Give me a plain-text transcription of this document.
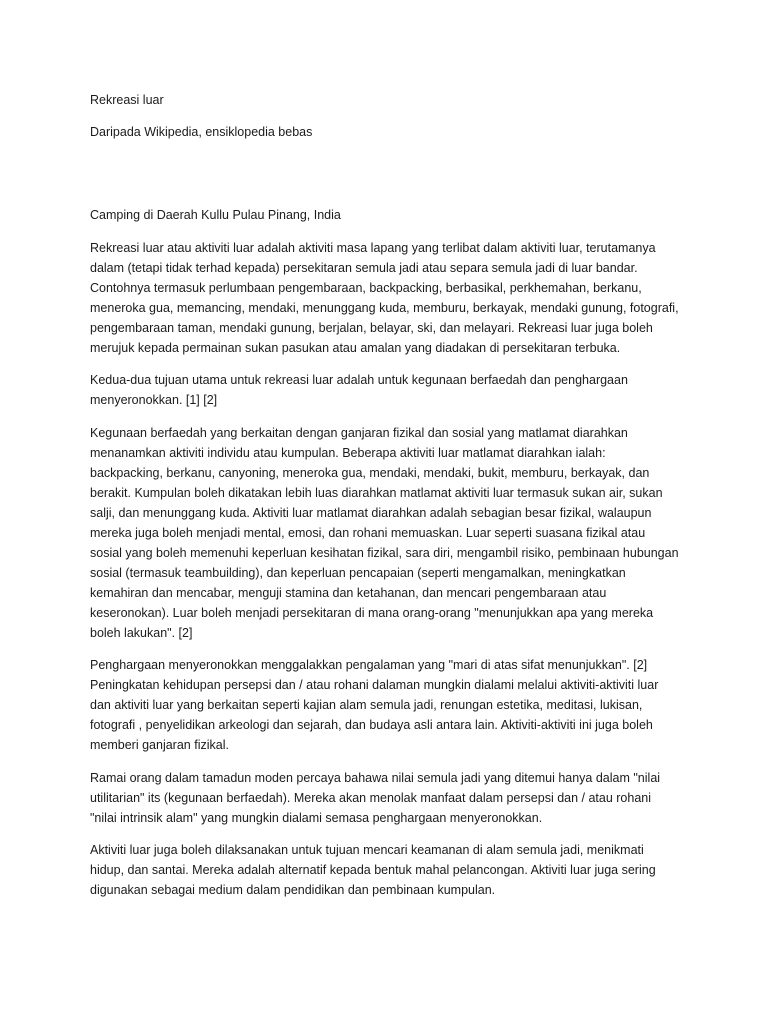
Rekreasi luar

Daripada Wikipedia, ensiklopedia bebas

Camping di Daerah Kullu Pulau Pinang, India

Rekreasi luar atau aktiviti luar adalah aktiviti masa lapang yang terlibat dalam aktiviti luar, terutamanya dalam (tetapi tidak terhad kepada) persekitaran semula jadi atau separa semula jadi di luar bandar. Contohnya termasuk perlumbaan pengembaraan, backpacking, berbasikal, perkhemahan, berkanu, meneroka gua, memancing, mendaki, menunggang kuda, memburu, berkayak, mendaki gunung, fotografi, pengembaraan taman, mendaki gunung, berjalan, belayar, ski, dan melayari. Rekreasi luar juga boleh merujuk kepada permainan sukan pasukan atau amalan yang diadakan di persekitaran terbuka.

Kedua-dua tujuan utama untuk rekreasi luar adalah untuk kegunaan berfaedah dan penghargaan menyeronokkan. [1] [2]

Kegunaan berfaedah yang berkaitan dengan ganjaran fizikal dan sosial yang matlamat diarahkan menanamkan aktiviti individu atau kumpulan. Beberapa aktiviti luar matlamat diarahkan ialah: backpacking, berkanu, canyoning, meneroka gua, mendaki, mendaki, bukit, memburu, berkayak, dan berakit. Kumpulan boleh dikatakan lebih luas diarahkan matlamat aktiviti luar termasuk sukan air, sukan salji, dan menunggang kuda. Aktiviti luar matlamat diarahkan adalah sebagian besar fizikal, walaupun mereka juga boleh menjadi mental, emosi, dan rohani memuaskan. Luar seperti suasana fizikal atau sosial yang boleh memenuhi keperluan kesihatan fizikal, sara diri, mengambil risiko, pembinaan hubungan sosial (termasuk teambuilding), dan keperluan pencapaian (seperti mengamalkan, meningkatkan kemahiran dan mencabar, menguji stamina dan ketahanan, dan mencari pengembaraan atau keseronokan). Luar boleh menjadi persekitaran di mana orang-orang "menunjukkan apa yang mereka boleh lakukan". [2]

Penghargaan menyeronokkan menggalakkan pengalaman yang "mari di atas sifat menunjukkan". [2] Peningkatan kehidupan persepsi dan / atau rohani dalaman mungkin dialami melalui aktiviti-aktiviti luar dan aktiviti luar yang berkaitan seperti kajian alam semula jadi, renungan estetika, meditasi, lukisan, fotografi , penyelidikan arkeologi dan sejarah, dan budaya asli antara lain. Aktiviti-aktiviti ini juga boleh memberi ganjaran fizikal.

Ramai orang dalam tamadun moden percaya bahawa nilai semula jadi yang ditemui hanya dalam "nilai utilitarian" its (kegunaan berfaedah). Mereka akan menolak manfaat dalam persepsi dan / atau rohani "nilai intrinsik alam" yang mungkin dialami semasa penghargaan menyeronokkan.

Aktiviti luar juga boleh dilaksanakan untuk tujuan mencari keamanan di alam semula jadi, menikmati hidup, dan santai. Mereka adalah alternatif kepada bentuk mahal pelancongan. Aktiviti luar juga sering digunakan sebagai medium dalam pendidikan dan pembinaan kumpulan.
